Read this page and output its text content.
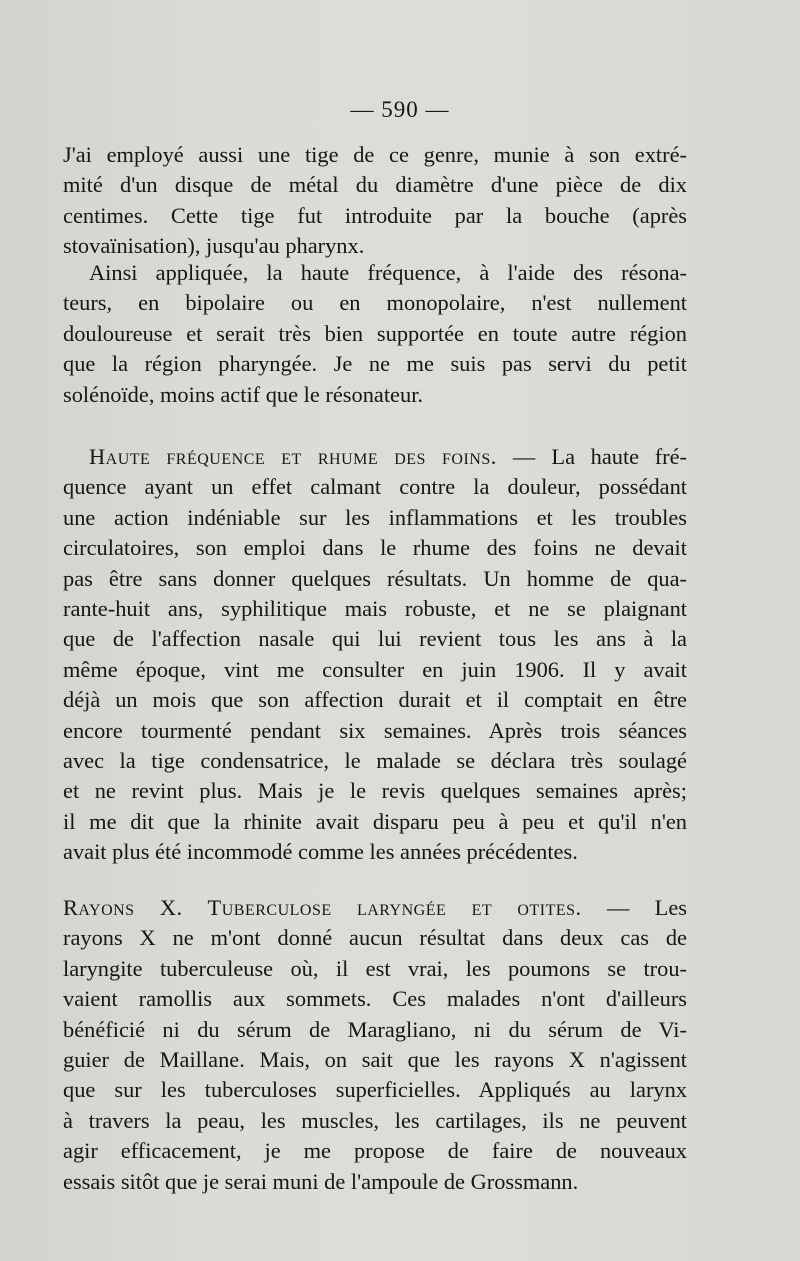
— 590 —
J'ai employé aussi une tige de ce genre, munie à son extré-
mité d'un disque de métal du diamètre d'une pièce de dix
centimes. Cette tige fut introduite par la bouche (après
stovaïnisation), jusqu'au pharynx.
Ainsi appliquée, la haute fréquence, à l'aide des résona-
teurs, en bipolaire ou en monopolaire, n'est nullement
douloureuse et serait très bien supportée en toute autre région
que la région pharyngée. Je ne me suis pas servi du petit
solénoïde, moins actif que le résonateur.
Haute fréquence et rhume des foins. — La haute fré-
quence ayant un effet calmant contre la douleur, possédant
une action indéniable sur les inflammations et les troubles
circulatoires, son emploi dans le rhume des foins ne devait
pas être sans donner quelques résultats. Un homme de qua-
rante-huit ans, syphilitique mais robuste, et ne se plaignant
que de l'affection nasale qui lui revient tous les ans à la
même époque, vint me consulter en juin 1906. Il y avait
déjà un mois que son affection durait et il comptait en être
encore tourmenté pendant six semaines. Après trois séances
avec la tige condensatrice, le malade se déclara très soulagé
et ne revint plus. Mais je le revis quelques semaines après;
il me dit que la rhinite avait disparu peu à peu et qu'il n'en
avait plus été incommodé comme les années précédentes.
Rayons X. Tuberculose laryngée et otites. — Les
rayons X ne m'ont donné aucun résultat dans deux cas de
laryngite tuberculeuse où, il est vrai, les poumons se trou-
vaient ramollis aux sommets. Ces malades n'ont d'ailleurs
bénéficié ni du sérum de Maragliano, ni du sérum de Vi-
guier de Maillane. Mais, on sait que les rayons X n'agissent
que sur les tuberculoses superficielles. Appliqués au larynx
à travers la peau, les muscles, les cartilages, ils ne peuvent
agir efficacement, je me propose de faire de nouveaux
essais sitôt que je serai muni de l'ampoule de Grossmann.
